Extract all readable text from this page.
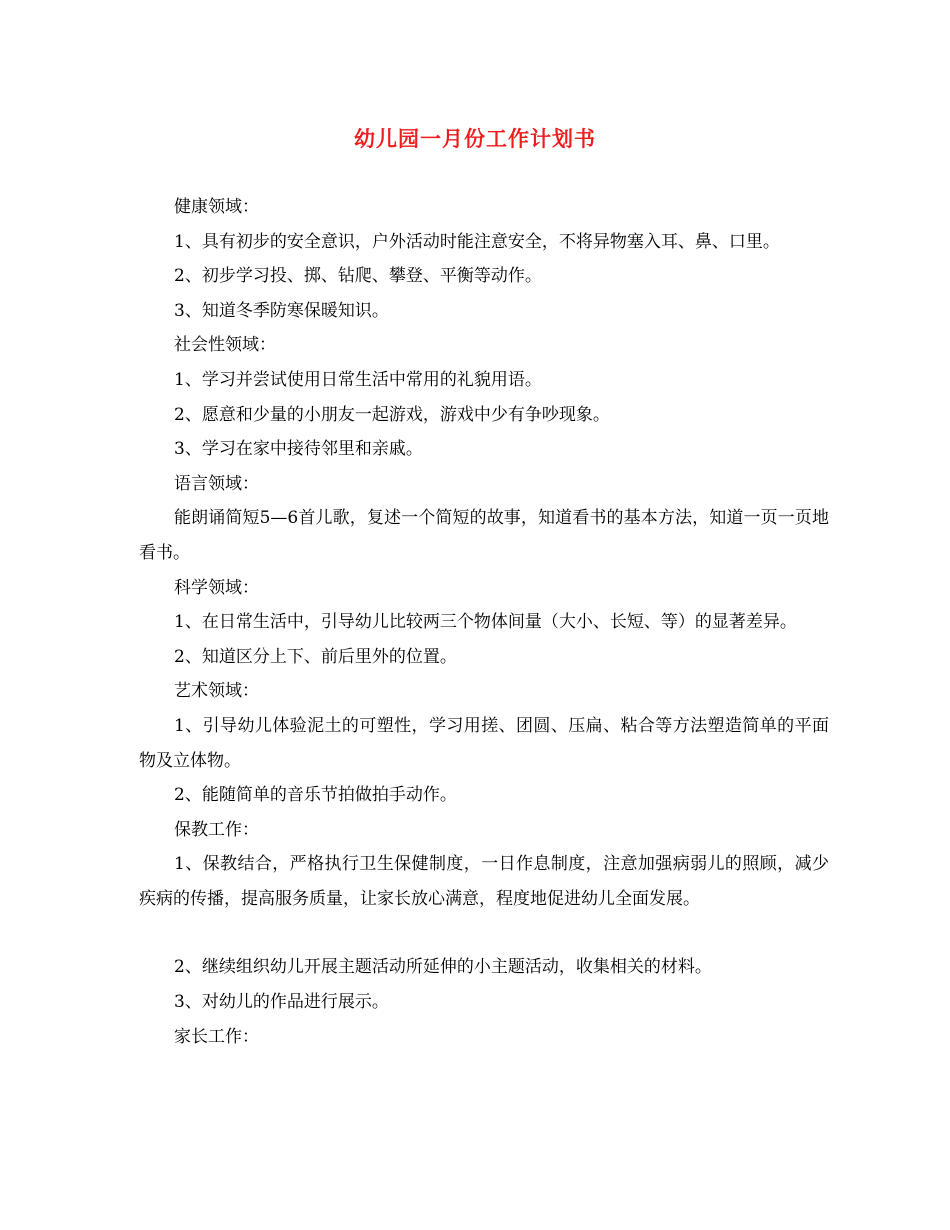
幼儿园一月份工作计划书

健康领域：

1、具有初步的安全意识，户外活动时能注意安全，不将异物塞入耳、鼻、口里。

2、初步学习投、掷、钻爬、攀登、平衡等动作。

3、知道冬季防寒保暖知识。

社会性领域：

1、学习并尝试使用日常生活中常用的礼貌用语。

2、愿意和少量的小朋友一起游戏，游戏中少有争吵现象。

3、学习在家中接待邻里和亲戚。

语言领域：

能朗诵简短5—6首儿歌，复述一个简短的故事，知道看书的基本方法，知道一页一页地看书。

科学领域：

1、在日常生活中，引导幼儿比较两三个物体间量（大小、长短、等）的显著差异。

2、知道区分上下、前后里外的位置。

艺术领域：

1、引导幼儿体验泥土的可塑性，学习用搓、团圆、压扁、粘合等方法塑造简单的平面物及立体物。

2、能随简单的音乐节拍做拍手动作。

保教工作：

1、保教结合，严格执行卫生保健制度，一日作息制度，注意加强病弱儿的照顾，减少疾病的传播，提高服务质量，让家长放心满意，程度地促进幼儿全面发展。

2、继续组织幼儿开展主题活动所延伸的小主题活动，收集相关的材料。

3、对幼儿的作品进行展示。

家长工作：
